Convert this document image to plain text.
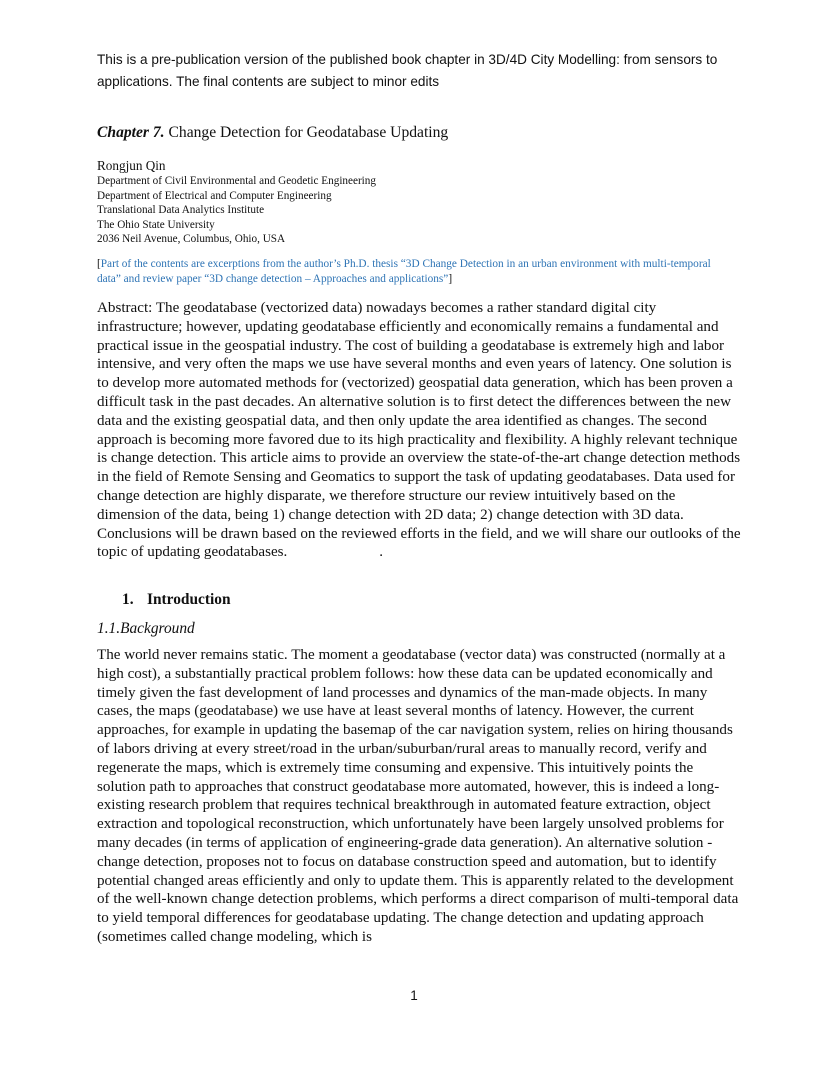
This is a pre-publication version of the published book chapter in 3D/4D City Modelling: from sensors to applications. The final contents are subject to minor edits
Chapter 7. Change Detection for Geodatabase Updating
Rongjun Qin
Department of Civil Environmental and Geodetic Engineering
Department of Electrical and Computer Engineering
Translational Data Analytics Institute
The Ohio State University
2036 Neil Avenue, Columbus, Ohio, USA
[Part of the contents are excerptions from the author’s Ph.D. thesis “3D Change Detection in an urban environment with multi-temporal data” and review paper “3D change detection – Approaches and applications”]

Abstract: The geodatabase (vectorized data) nowadays becomes a rather standard digital city infrastructure; however, updating geodatabase efficiently and economically remains a fundamental and practical issue in the geospatial industry. The cost of building a geodatabase is extremely high and labor intensive, and very often the maps we use have several months and even years of latency. One solution is to develop more automated methods for (vectorized) geospatial data generation, which has been proven a difficult task in the past decades. An alternative solution is to first detect the differences between the new data and the existing geospatial data, and then only update the area identified as changes. The second approach is becoming more favored due to its high practicality and flexibility. A highly relevant technique is change detection. This article aims to provide an overview the state-of-the-art change detection methods in the field of Remote Sensing and Geomatics to support the task of updating geodatabases. Data used for change detection are highly disparate, we therefore structure our review intuitively based on the dimension of the data, being 1) change detection with 2D data; 2) change detection with 3D data. Conclusions will be drawn based on the reviewed efforts in the field, and we will share our outlooks of the topic of updating geodatabases.	.

1. Introduction
1.1.Background

The world never remains static. The moment a geodatabase (vector data) was constructed (normally at a high cost), a substantially practical problem follows: how these data can be updated economically and timely given the fast development of land processes and dynamics of the man-made objects. In many cases, the maps (geodatabase) we use have at least several months of latency. However, the current approaches, for example in updating the basemap of the car navigation system, relies on hiring thousands of labors driving at every street/road in the urban/suburban/rural areas to manually record, verify and regenerate the maps, which is extremely time consuming and expensive. This intuitively points the solution path to approaches that construct geodatabase more automated, however, this is indeed a long-existing research problem that requires technical breakthrough in automated feature extraction, object extraction and topological reconstruction, which unfortunately have been largely unsolved problems for many decades (in terms of application of engineering-grade data generation). An alternative solution - change detection, proposes not to focus on database construction speed and automation, but to identify potential changed areas efficiently and only to update them. This is apparently related to the development of the well-known change detection problems, which performs a direct comparison of multi-temporal data to yield temporal differences for geodatabase updating. The change detection and updating approach (sometimes called change modeling, which is

1
